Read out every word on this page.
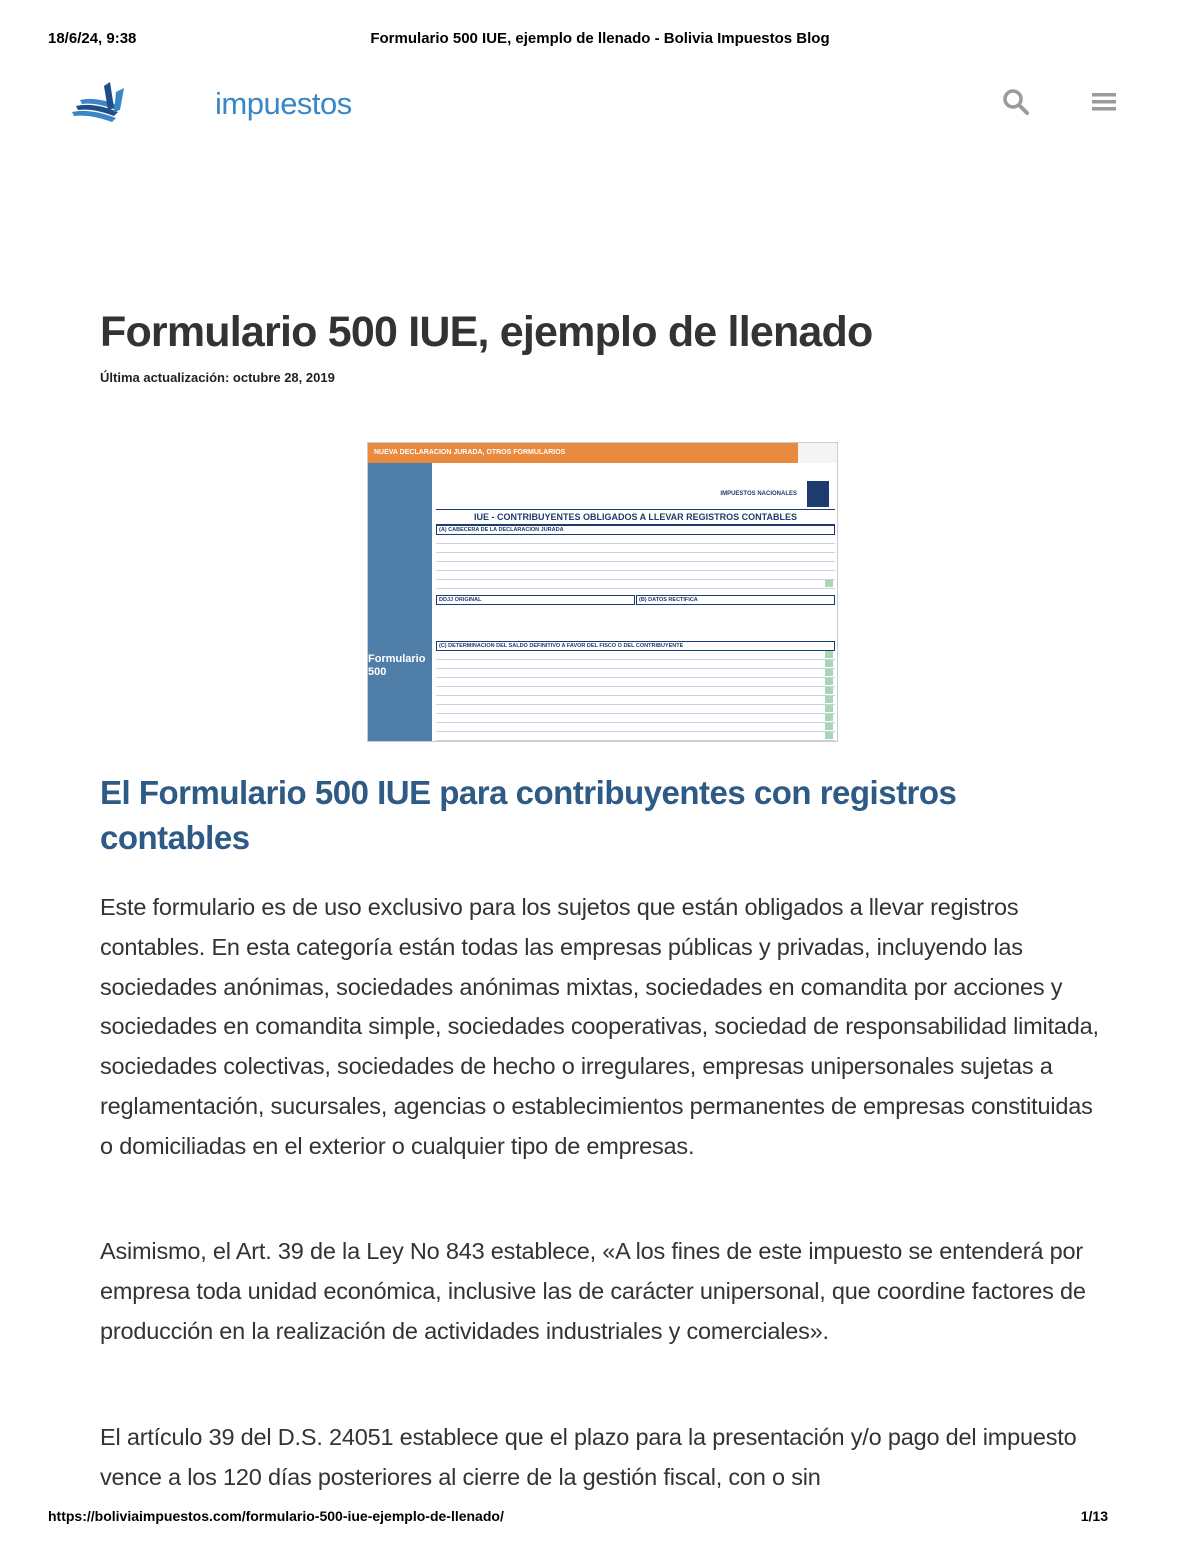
18/6/24, 9:38	Formulario 500 IUE, ejemplo de llenado - Bolivia Impuestos Blog
impuestos
Formulario 500 IUE, ejemplo de llenado
Última actualización: octubre 28, 2019
NUEVA DECLARACION JURADA, OTROS FORMULARIOS
Formulario 500
IMPUESTOS NACIONALES
IUE - CONTRIBUYENTES OBLIGADOS A LLEVAR REGISTROS CONTABLES
(A) CABECERA DE LA DECLARACION JURADA
DDJJ ORIGINAL	(B) DATOS RECTIFICA
(C) DETERMINACION DEL SALDO DEFINITIVO A FAVOR DEL FISCO O DEL CONTRIBUYENTE
El Formulario 500 IUE para contribuyentes con registros contables

Este formulario es de uso exclusivo para los sujetos que están obligados a llevar registros contables. En esta categoría están todas las empresas públicas y privadas, incluyendo las sociedades anónimas, sociedades anónimas mixtas, sociedades en comandita por acciones y sociedades en comandita simple, sociedades cooperativas, sociedad de responsabilidad limitada, sociedades colectivas, sociedades de hecho o irregulares, empresas unipersonales sujetas a reglamentación, sucursales, agencias o establecimientos permanentes de empresas constituidas o domiciliadas en el exterior o cualquier tipo de empresas.

Asimismo, el Art. 39 de la Ley No 843 establece, «A los fines de este impuesto se entenderá por empresa toda unidad económica, inclusive las de carácter unipersonal, que coordine factores de producción en la realización de actividades industriales y comerciales».

El artículo 39 del D.S. 24051 establece que el plazo para la presentación y/o pago del impuesto vence a los 120 días posteriores al cierre de la gestión fiscal, con o sin

https://boliviaimpuestos.com/formulario-500-iue-ejemplo-de-llenado/	1/13
